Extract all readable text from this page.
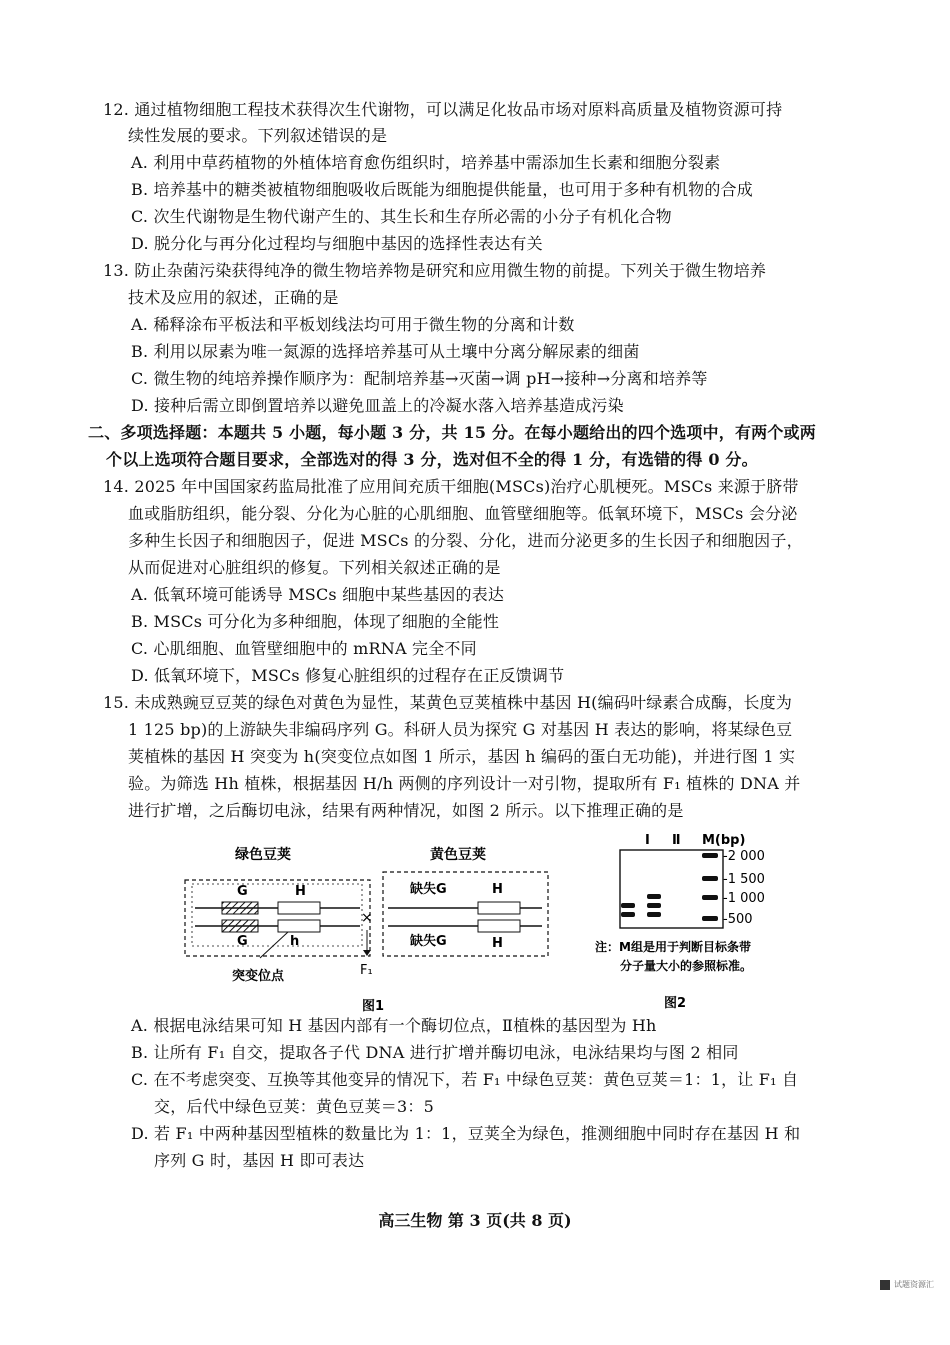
12. 通过植物细胞工程技术获得次生代谢物，可以满足化妆品市场对原料高质量及植物资源可持
续性发展的要求。下列叙述错误的是
A. 利用中草药植物的外植体培育愈伤组织时，培养基中需添加生长素和细胞分裂素
B. 培养基中的糖类被植物细胞吸收后既能为细胞提供能量，也可用于多种有机物的合成
C. 次生代谢物是生物代谢产生的、其生长和生存所必需的小分子有机化合物
D. 脱分化与再分化过程均与细胞中基因的选择性表达有关
13. 防止杂菌污染获得纯净的微生物培养物是研究和应用微生物的前提。下列关于微生物培养
技术及应用的叙述，正确的是
A. 稀释涂布平板法和平板划线法均可用于微生物的分离和计数
B. 利用以尿素为唯一氮源的选择培养基可从土壤中分离分解尿素的细菌
C. 微生物的纯培养操作顺序为：配制培养基→灭菌→调 pH→接种→分离和培养等
D. 接种后需立即倒置培养以避免皿盖上的冷凝水落入培养基造成污染
二、多项选择题：本题共 5 小题，每小题 3 分，共 15 分。在每小题给出的四个选项中，有两个或两
个以上选项符合题目要求，全部选对的得 3 分，选对但不全的得 1 分，有选错的得 0 分。
14. 2025 年中国国家药监局批准了应用间充质干细胞(MSCs)治疗心肌梗死。MSCs 来源于脐带
血或脂肪组织，能分裂、分化为心脏的心肌细胞、血管壁细胞等。低氧环境下，MSCs 会分泌
多种生长因子和细胞因子，促进 MSCs 的分裂、分化，进而分泌更多的生长因子和细胞因子，
从而促进对心脏组织的修复。下列相关叙述正确的是
A. 低氧环境可能诱导 MSCs 细胞中某些基因的表达
B. MSCs 可分化为多种细胞，体现了细胞的全能性
C. 心肌细胞、血管壁细胞中的 mRNA 完全不同
D. 低氧环境下，MSCs 修复心脏组织的过程存在正反馈调节
15. 未成熟豌豆豆荚的绿色对黄色为显性，某黄色豆荚植株中基因 H(编码叶绿素合成酶，长度为
1 125 bp)的上游缺失非编码序列 G。科研人员为探究 G 对基因 H 表达的影响，将某绿色豆
荚植株的基因 H 突变为 h(突变位点如图 1 所示，基因 h 编码的蛋白无功能)，并进行图 1 实
验。为筛选 Hh 植株，根据基因 H/h 两侧的序列设计一对引物，提取所有 F₁ 植株的 DNA 并
进行扩增，之后酶切电泳，结果有两种情况，如图 2 所示。以下推理正确的是
绿色豆荚
G	H
G	h
突变位点
×
F₁
黄色豆荚
缺失G	H
缺失G	H
图1
I Ⅱ M(bp)
-2 000
-1 500
-1 000
-500
注：M组是用于判断目标条带
分子量大小的参照标准。
图2
A. 根据电泳结果可知 H 基因内部有一个酶切位点，Ⅱ植株的基因型为 Hh
B. 让所有 F₁ 自交，提取各子代 DNA 进行扩增并酶切电泳，电泳结果均与图 2 相同
C. 在不考虑突变、互换等其他变异的情况下，若 F₁ 中绿色豆荚：黄色豆荚＝1：1，让 F₁ 自
交，后代中绿色豆荚：黄色豆荚＝3：5
D. 若 F₁ 中两种基因型植株的数量比为 1：1，豆荚全为绿色，推测细胞中同时存在基因 H 和
序列 G 时，基因 H 即可表达
高三生物 第 3 页(共 8 页)
试题资源汇
